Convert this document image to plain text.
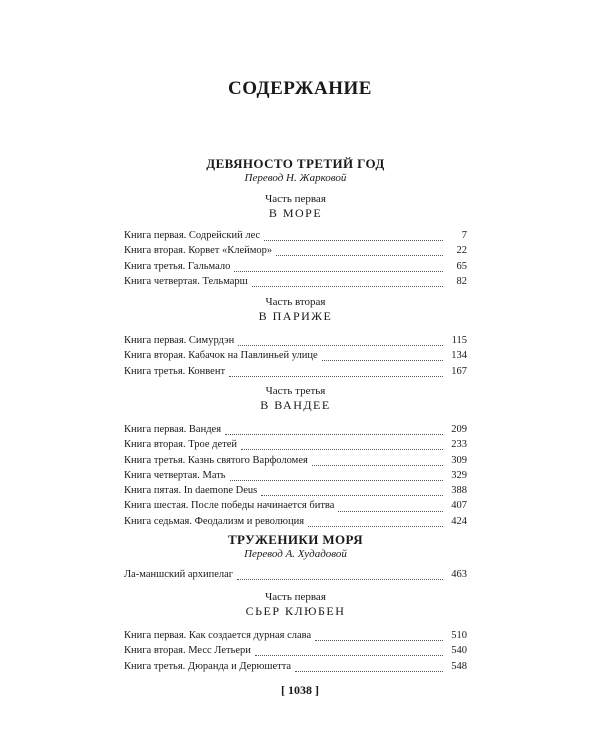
СОДЕРЖАНИЕ
ДЕВЯНОСТО ТРЕТИЙ ГОД
Перевод Н. Жарковой
Часть первая
В МОРЕ
Книга первая. Содрейский лес	7
Книга вторая. Корвет «Клеймор»	22
Книга третья. Гальмало	65
Книга четвертая. Тельмарш	82
Часть вторая
В ПАРИЖЕ
Книга первая. Симурдэн	115
Книга вторая. Кабачок на Павлиньей улице	134
Книга третья. Конвент	167
Часть третья
В ВАНДЕЕ
Книга первая. Вандея	209
Книга вторая. Трое детей	233
Книга третья. Казнь святого Варфоломея	309
Книга четвертая. Мать	329
Книга пятая. In daemone Deus	388
Книга шестая. После победы начинается битва	407
Книга седьмая. Феодализм и революция	424
ТРУЖЕНИКИ МОРЯ
Перевод А. Худадовой
Ла-маншский архипелаг	463
Часть первая
СЬЕР КЛЮБЕН
Книга первая. Как создается дурная слава	510
Книга вторая. Месс Летьери	540
Книга третья. Дюранда и Дерюшетта	548
[ 1038 ]
